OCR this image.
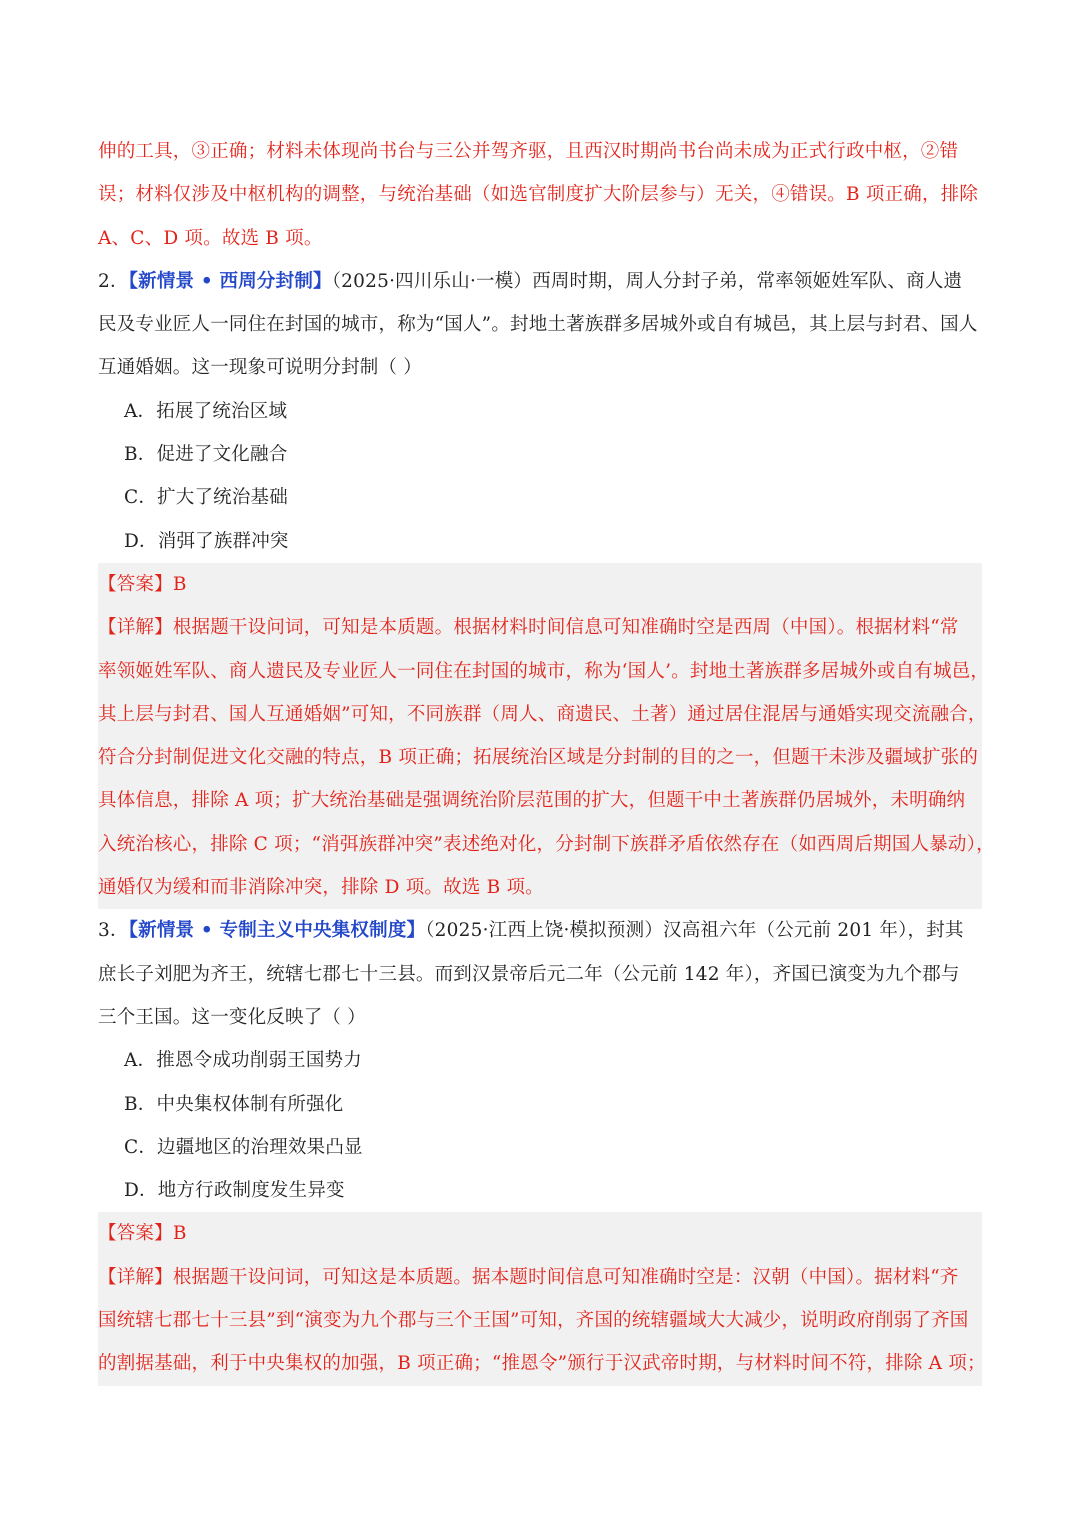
伸的工具，③正确；材料未体现尚书台与三公并驾齐驱，且西汉时期尚书台尚未成为正式行政中枢，②错
误；材料仅涉及中枢机构的调整，与统治基础（如选官制度扩大阶层参与）无关，④错误。B 项正确，排除
A、C、D 项。故选 B 项。
2．【新情景 • 西周分封制】（2025·四川乐山·一模）西周时期，周人分封子弟，常率领姬姓军队、商人遗
民及专业匠人一同住在封国的城市，称为“国人”。封地土著族群多居城外或自有城邑，其上层与封君、国人
互通婚姻。这一现象可说明分封制（ ）
A．拓展了统治区域
B．促进了文化融合
C．扩大了统治基础
D．消弭了族群冲突
【答案】B
【详解】根据题干设问词，可知是本质题。根据材料时间信息可知准确时空是西周（中国）。根据材料“常
率领姬姓军队、商人遗民及专业匠人一同住在封国的城市，称为‘国人’。封地土著族群多居城外或自有城邑，
其上层与封君、国人互通婚姻”可知，不同族群（周人、商遗民、土著）通过居住混居与通婚实现交流融合，
符合分封制促进文化交融的特点，B 项正确；拓展统治区域是分封制的目的之一，但题干未涉及疆域扩张的
具体信息，排除 A 项；扩大统治基础是强调统治阶层范围的扩大，但题干中土著族群仍居城外，未明确纳
入统治核心，排除 C 项；“消弭族群冲突”表述绝对化，分封制下族群矛盾依然存在（如西周后期国人暴动），
通婚仅为缓和而非消除冲突，排除 D 项。故选 B 项。
3．【新情景 • 专制主义中央集权制度】（2025·江西上饶·模拟预测）汉高祖六年（公元前 201 年），封其
庶长子刘肥为齐王，统辖七郡七十三县。而到汉景帝后元二年（公元前 142 年），齐国已演变为九个郡与
三个王国。这一变化反映了（ ）
A．推恩令成功削弱王国势力
B．中央集权体制有所强化
C．边疆地区的治理效果凸显
D．地方行政制度发生异变
【答案】B
【详解】根据题干设问词，可知这是本质题。据本题时间信息可知准确时空是：汉朝（中国）。据材料“齐
国统辖七郡七十三县”到“演变为九个郡与三个王国”可知，齐国的统辖疆域大大减少，说明政府削弱了齐国
的割据基础，利于中央集权的加强，B 项正确；“推恩令”颁行于汉武帝时期，与材料时间不符，排除 A 项；
